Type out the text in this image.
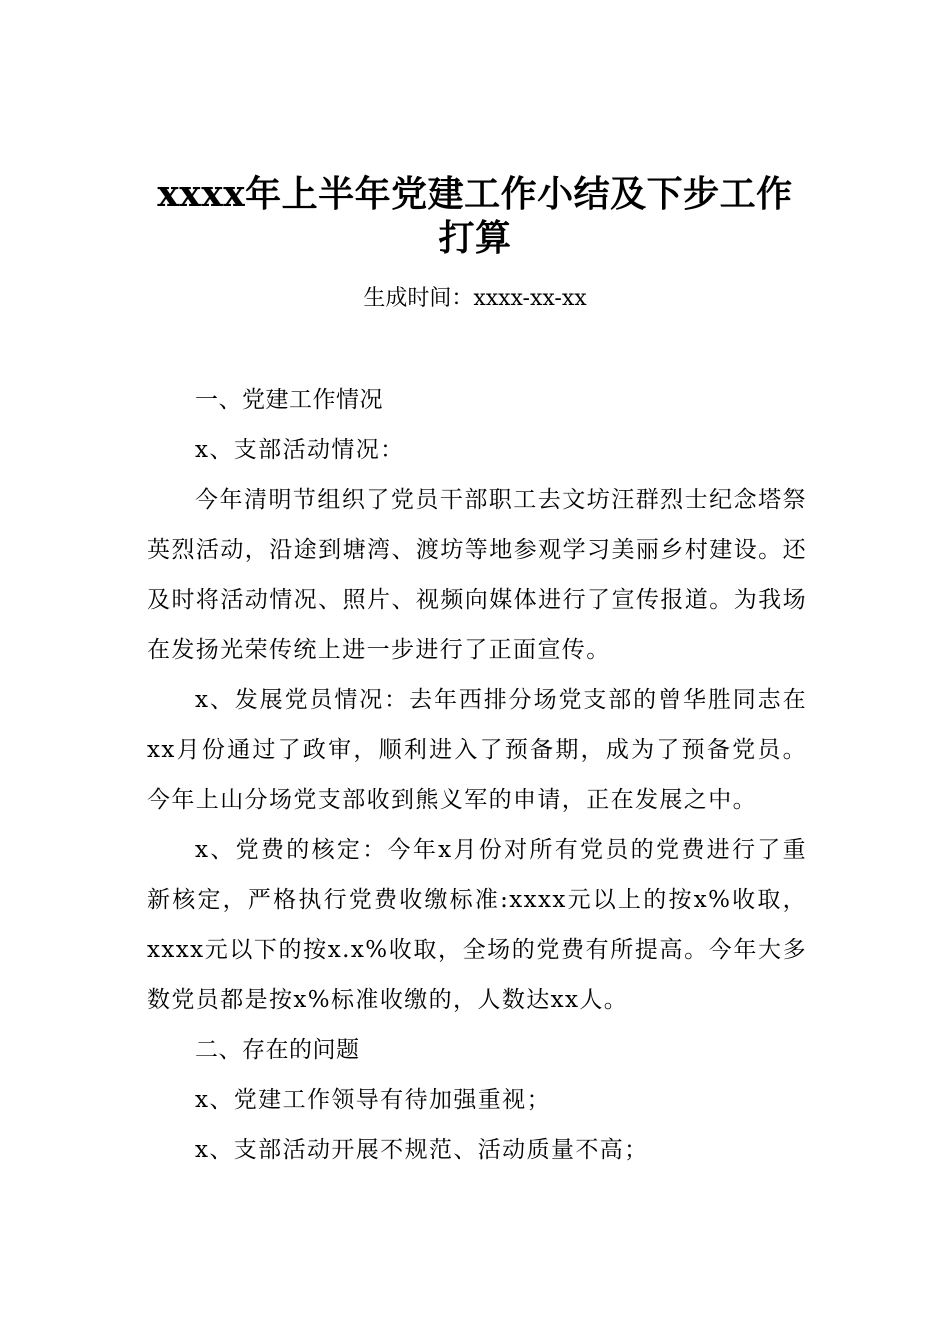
xxxx年上半年党建工作小结及下步工作打算
生成时间：xxxx-xx-xx

一、党建工作情况

x、支部活动情况：

今年清明节组织了党员干部职工去文坊汪群烈士纪念塔祭英烈活动，沿途到塘湾、渡坊等地参观学习美丽乡村建设。还及时将活动情况、照片、视频向媒体进行了宣传报道。为我场在发扬光荣传统上进一步进行了正面宣传。

x、发展党员情况：去年西排分场党支部的曾华胜同志在xx月份通过了政审，顺利进入了预备期，成为了预备党员。今年上山分场党支部收到熊义军的申请，正在发展之中。

x、党费的核定：今年x月份对所有党员的党费进行了重新核定，严格执行党费收缴标准:xxxx元以上的按x%收取，xxxx元以下的按x.x%收取，全场的党费有所提高。今年大多数党员都是按x%标准收缴的，人数达xx人。

二、存在的问题

x、党建工作领导有待加强重视；

x、支部活动开展不规范、活动质量不高；
